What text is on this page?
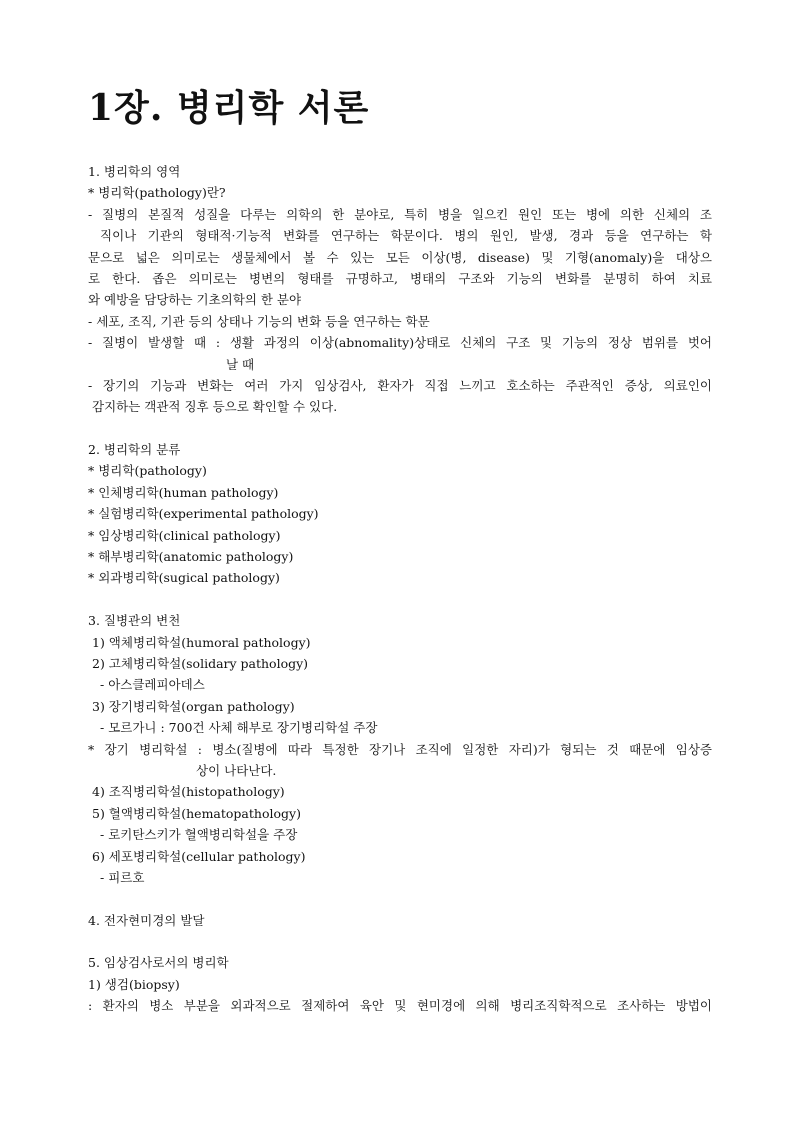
1장. 병리학 서론
1. 병리학의 영역
* 병리학(pathology)란?
- 질병의 본질적 성질을 다루는 의학의 한 분야로, 특히 병을 일으킨 원인 또는 병에 의한 신체의 조
직이나 기관의 형태적·기능적 변화를 연구하는 학문이다. 병의 원인, 발생, 경과 등을 연구하는 학
문으로 넓은 의미로는 생물체에서 볼 수 있는 모든 이상(병, disease) 및 기형(anomaly)을 대상으
로 한다. 좁은 의미로는 병변의 형태를 규명하고, 병태의 구조와 기능의 변화를 분명히 하여 치료
와 예방을 담당하는 기초의학의 한 분야
- 세포, 조직, 기관 등의 상태나 기능의 변화 등을 연구하는 학문
- 질병이 발생할 때 : 생활 과정의 이상(abnomality)상태로 신체의 구조 및 기능의 정상 범위를 벗어
날 때
- 장기의 기능과 변화는 여러 가지 임상검사, 환자가 직접 느끼고 호소하는 주관적인 증상, 의료인이
감지하는 객관적 징후 등으로 확인할 수 있다.
2. 병리학의 분류
* 병리학(pathology)
* 인체병리학(human pathology)
* 실험병리학(experimental pathology)
* 임상병리학(clinical pathology)
* 해부병리학(anatomic pathology)
* 외과병리학(sugical pathology)
3. 질병관의 변천
1) 액체병리학설(humoral pathology)
2) 고체병리학설(solidary pathology)
- 아스클레피아데스
3) 장기병리학설(organ pathology)
- 모르가니 : 700건 사체 해부로 장기병리학설 주장
* 장기 병리학설 : 병소(질병에 따라 특정한 장기나 조직에 일정한 자리)가 형되는 것 때문에 임상증
상이 나타난다.
4) 조직병리학설(histopathology)
5) 혈액병리학설(hematopathology)
- 로키탄스키가 혈액병리학설을 주장
6) 세포병리학설(cellular pathology)
- 피르호
4. 전자현미경의 발달
5. 임상검사로서의 병리학
1) 생검(biopsy)
: 환자의 병소 부분을 외과적으로 절제하여 육안 및 현미경에 의해 병리조직학적으로 조사하는 방법이
